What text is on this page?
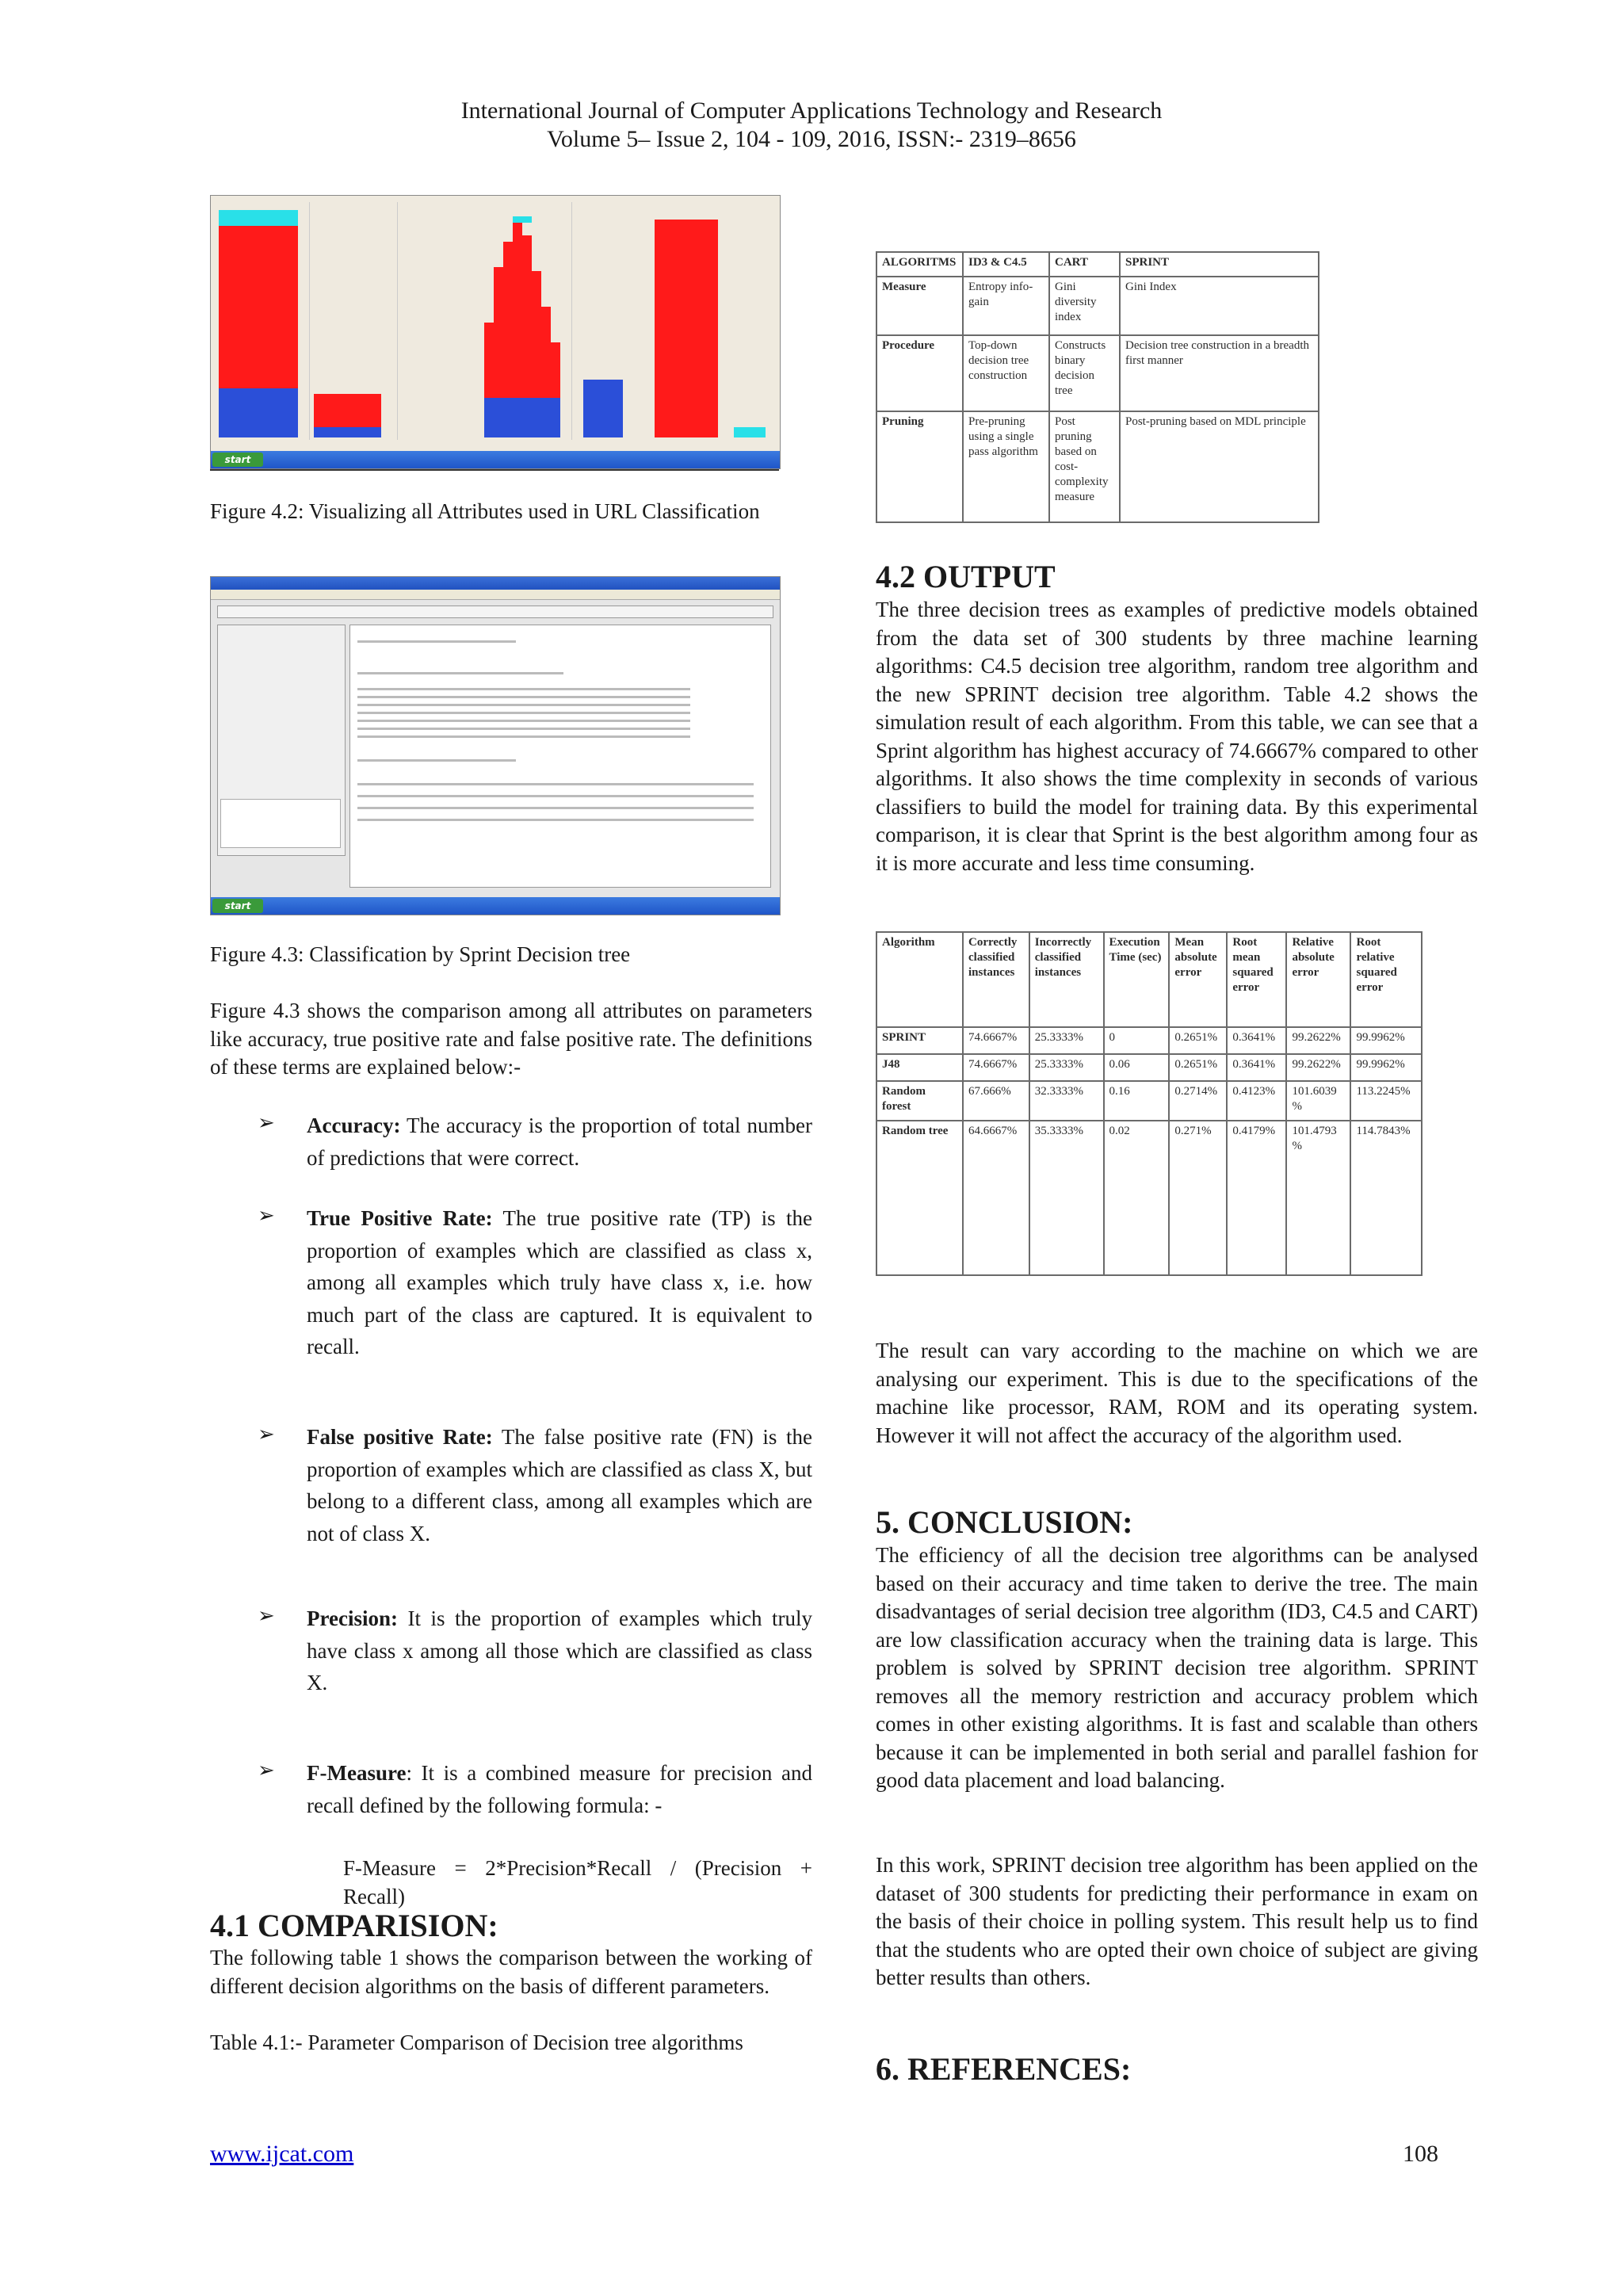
International Journal of Computer Applications Technology and Research
Volume 5– Issue 2, 104 - 109, 2016, ISSN:- 2319–8656
start
Figure 4.2: Visualizing all Attributes used in URL Classification
start
Figure 4.3: Classification by Sprint Decision tree
Figure 4.3 shows the comparison among all attributes on parameters like accuracy, true positive rate and false positive rate. The definitions of these terms are explained below:-
➢ Accuracy: The accuracy is the proportion of total number of predictions that were correct.

➢ True Positive Rate: The true positive rate (TP) is the proportion of examples which are classified as class x, among all examples which truly have class x, i.e. how much part of the class are captured. It is equivalent to recall.

➢ False positive Rate: The false positive rate (FN) is the proportion of examples which are classified as class X, but belong to a different class, among all examples which are not of class X.

➢ Precision: It is the proportion of examples which truly have class x among all those which are classified as class X.

➢ F-Measure: It is a combined measure for precision and recall defined by the following formula: -

F-Measure = 2*Precision*Recall / (Precision + Recall)
4.1 COMPARISION:
The following table 1 shows the comparison between the working of different decision algorithms on the basis of different parameters.
Table 4.1:- Parameter Comparison of Decision tree algorithms
ALGORITMS	ID3 & C4.5	CART	SPRINT
Measure	Entropy info-gain	Gini diversity index	Gini Index
Procedure	Top-down decision tree construction	Constructs binary decision tree	Decision tree construction in a breadth first manner
Pruning	Pre-pruning using a single pass algorithm	Post pruning based on cost-complexity measure	Post-pruning based on MDL principle
4.2 OUTPUT
The three decision trees as examples of predictive models obtained from the data set of 300 students by three machine learning algorithms: C4.5 decision tree algorithm, random tree algorithm and the new SPRINT decision tree algorithm. Table 4.2 shows the simulation result of each algorithm. From this table, we can see that a Sprint algorithm has highest accuracy of 74.6667% compared to other algorithms. It also shows the time complexity in seconds of various classifiers to build the model for training data. By this experimental comparison, it is clear that Sprint is the best algorithm among four as it is more accurate and less time consuming.
Algorithm	Correctly classified instances	Incorrectly classified instances	Execution Time (sec)	Mean absolute error	Root mean squared error	Relative absolute error	Root relative squared error
SPRINT	74.6667%	25.3333%	0	0.2651%	0.3641%	99.2622%	99.9962%
J48	74.6667%	25.3333%	0.06	0.2651%	0.3641%	99.2622%	99.9962%
Random forest	67.666%	32.3333%	0.16	0.2714%	0.4123%	101.6039 %	113.2245%
Random tree	64.6667%	35.3333%	0.02	0.271%	0.4179%	101.4793 %	114.7843%
The result can vary according to the machine on which we are analysing our experiment. This is due to the specifications of the machine like processor, RAM, ROM and its operating system. However it will not affect the accuracy of the algorithm used.
5. CONCLUSION:
The efficiency of all the decision tree algorithms can be analysed based on their accuracy and time taken to derive the tree. The main disadvantages of serial decision tree algorithm (ID3, C4.5 and CART) are low classification accuracy when the training data is large. This problem is solved by SPRINT decision tree algorithm. SPRINT removes all the memory restriction and accuracy problem which comes in other existing algorithms. It is fast and scalable than others because it can be implemented in both serial and parallel fashion for good data placement and load balancing.
In this work, SPRINT decision tree algorithm has been applied on the dataset of 300 students for predicting their performance in exam on the basis of their choice in polling system. This result help us to find that the students who are opted their own choice of subject are giving better results than others.
6. REFERENCES:
www.ijcat.com	108
